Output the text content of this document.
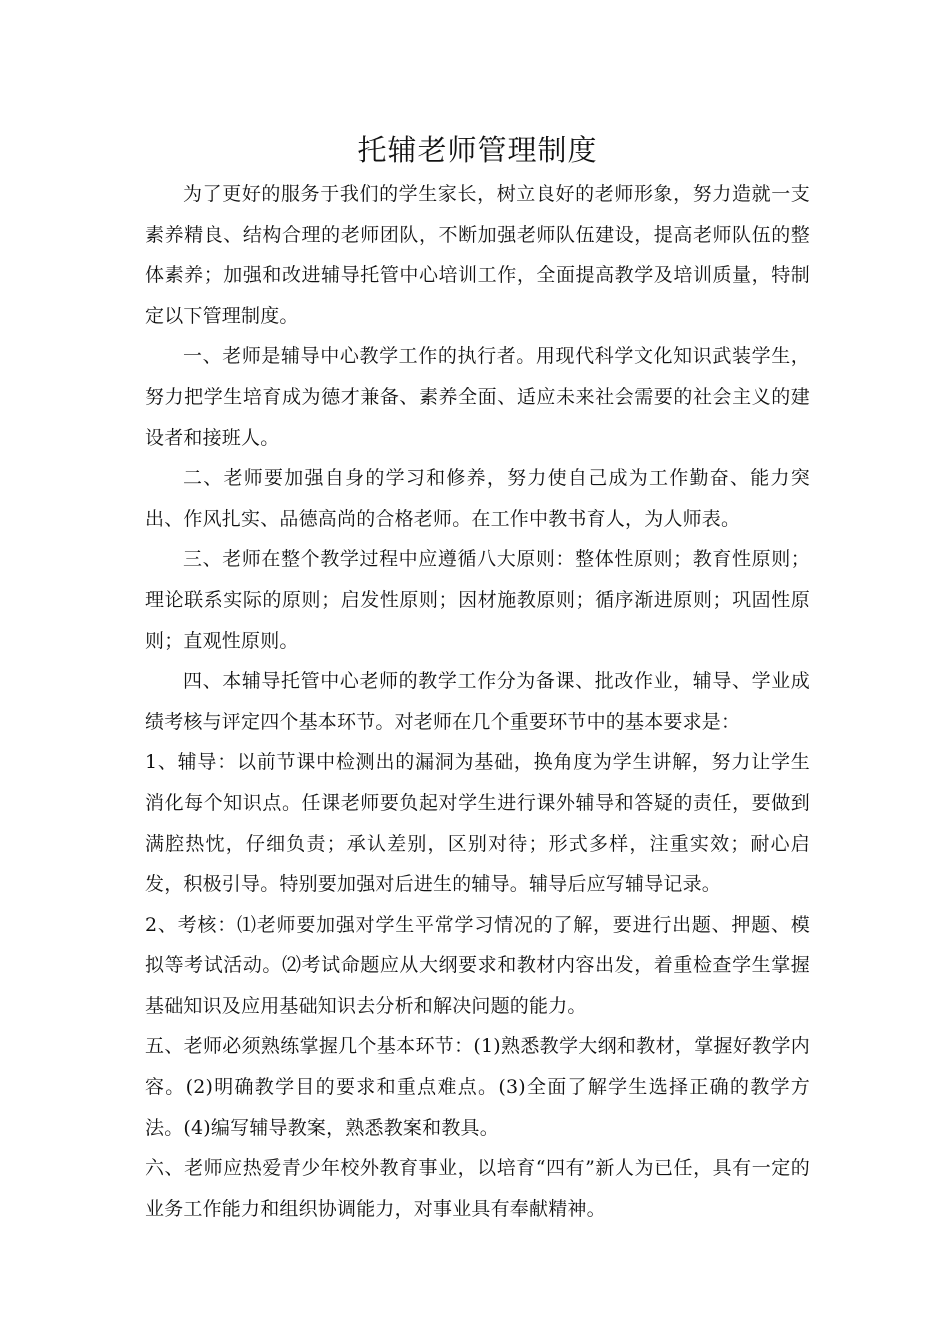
托辅老师管理制度

为了更好的服务于我们的学生家长，树立良好的老师形象，努力造就一支素养精良、结构合理的老师团队，不断加强老师队伍建设，提高老师队伍的整体素养；加强和改进辅导托管中心培训工作，全面提高教学及培训质量，特制定以下管理制度。

一、老师是辅导中心教学工作的执行者。用现代科学文化知识武装学生，努力把学生培育成为德才兼备、素养全面、适应未来社会需要的社会主义的建设者和接班人。

二、老师要加强自身的学习和修养，努力使自己成为工作勤奋、能力突出、作风扎实、品德高尚的合格老师。在工作中教书育人，为人师表。

三、老师在整个教学过程中应遵循八大原则：整体性原则；教育性原则；理论联系实际的原则；启发性原则；因材施教原则；循序渐进原则；巩固性原则；直观性原则。

四、本辅导托管中心老师的教学工作分为备课、批改作业，辅导、学业成绩考核与评定四个基本环节。对老师在几个重要环节中的基本要求是：

1、辅导：以前节课中检测出的漏洞为基础，换角度为学生讲解，努力让学生消化每个知识点。任课老师要负起对学生进行课外辅导和答疑的责任，要做到满腔热忱，仔细负责；承认差别，区别对待；形式多样，注重实效；耐心启发，积极引导。特别要加强对后进生的辅导。辅导后应写辅导记录。

2、考核：⑴老师要加强对学生平常学习情况的了解，要进行出题、押题、模拟等考试活动。⑵考试命题应从大纲要求和教材内容出发，着重检查学生掌握基础知识及应用基础知识去分析和解决问题的能力。

五、老师必须熟练掌握几个基本环节：(1)熟悉教学大纲和教材，掌握好教学内容。(2)明确教学目的要求和重点难点。(3)全面了解学生选择正确的教学方法。(4)编写辅导教案，熟悉教案和教具。

六、老师应热爱青少年校外教育事业，以培育“四有”新人为已任，具有一定的业务工作能力和组织协调能力，对事业具有奉献精神。
